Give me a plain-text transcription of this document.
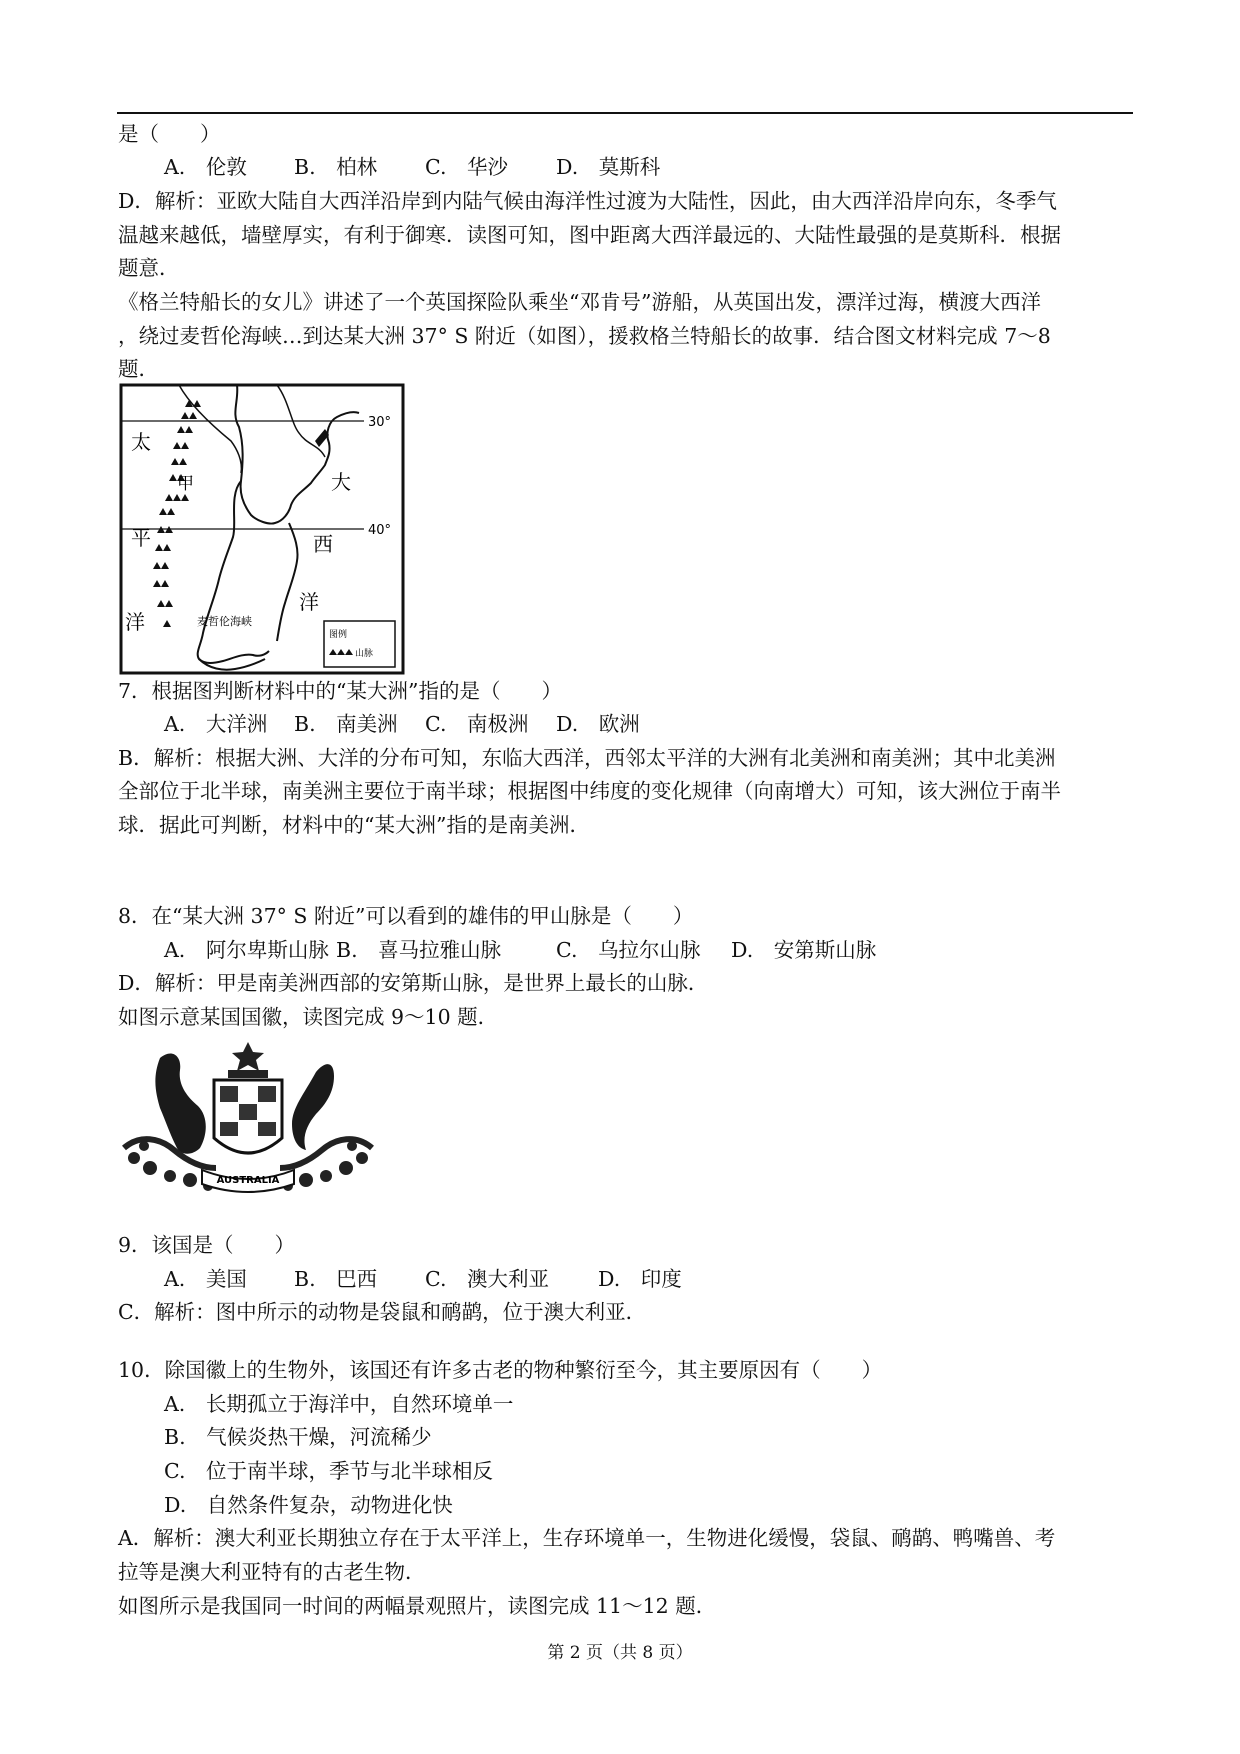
是（　　）
A.　伦敦	B.　柏林	C.　华沙	D.　莫斯科
D．解析：亚欧大陆自大西洋沿岸到内陆气候由海洋性过渡为大陆性，因此，由大西洋沿岸向东，冬季气
温越来越低，墙壁厚实，有利于御寒．读图可知，图中距离大西洋最远的、大陆性最强的是莫斯科．根据
题意．
《格兰特船长的女儿》讲述了一个英国探险队乘坐“邓肯号”游船，从英国出发，漂洋过海，横渡大西洋
，绕过麦哲伦海峡…到达某大洲 37° S 附近（如图），援救格兰特船长的故事．结合图文材料完成 7～8
题．
30°
40°
太
平
洋
大
西
洋
甲
麦哲伦海峡
图例
山脉
7．根据图判断材料中的“某大洲”指的是（　　）
A.　大洋洲	B.　南美洲	C.　南极洲	D.　欧洲
B．解析：根据大洲、大洋的分布可知，东临大西洋，西邻太平洋的大洲有北美洲和南美洲；其中北美洲
全部位于北半球，南美洲主要位于南半球；根据图中纬度的变化规律（向南增大）可知，该大洲位于南半
球．据此可判断，材料中的“某大洲”指的是南美洲．
8．在“某大洲 37° S 附近”可以看到的雄伟的甲山脉是（　　）
A.　阿尔卑斯山脉 B.　喜马拉雅山脉	C.　乌拉尔山脉	D.　安第斯山脉
D．解析：甲是南美洲西部的安第斯山脉，是世界上最长的山脉．
如图示意某国国徽，读图完成 9～10 题．
AUSTRALIA
9．该国是（　　）
A.　美国	B.　巴西	C.　澳大利亚	D.　印度
C．解析：图中所示的动物是袋鼠和鸸鹋，位于澳大利亚．
10．除国徽上的生物外，该国还有许多古老的物种繁衍至今，其主要原因有（　　）
A.　长期孤立于海洋中，自然环境单一
B.　气候炎热干燥，河流稀少
C.　位于南半球，季节与北半球相反
D.　自然条件复杂，动物进化快
A．解析：澳大利亚长期独立存在于太平洋上，生存环境单一，生物进化缓慢，袋鼠、鸸鹋、鸭嘴兽、考
拉等是澳大利亚特有的古老生物．
如图所示是我国同一时间的两幅景观照片，读图完成 11～12 题．
第 2 页（共 8 页）
